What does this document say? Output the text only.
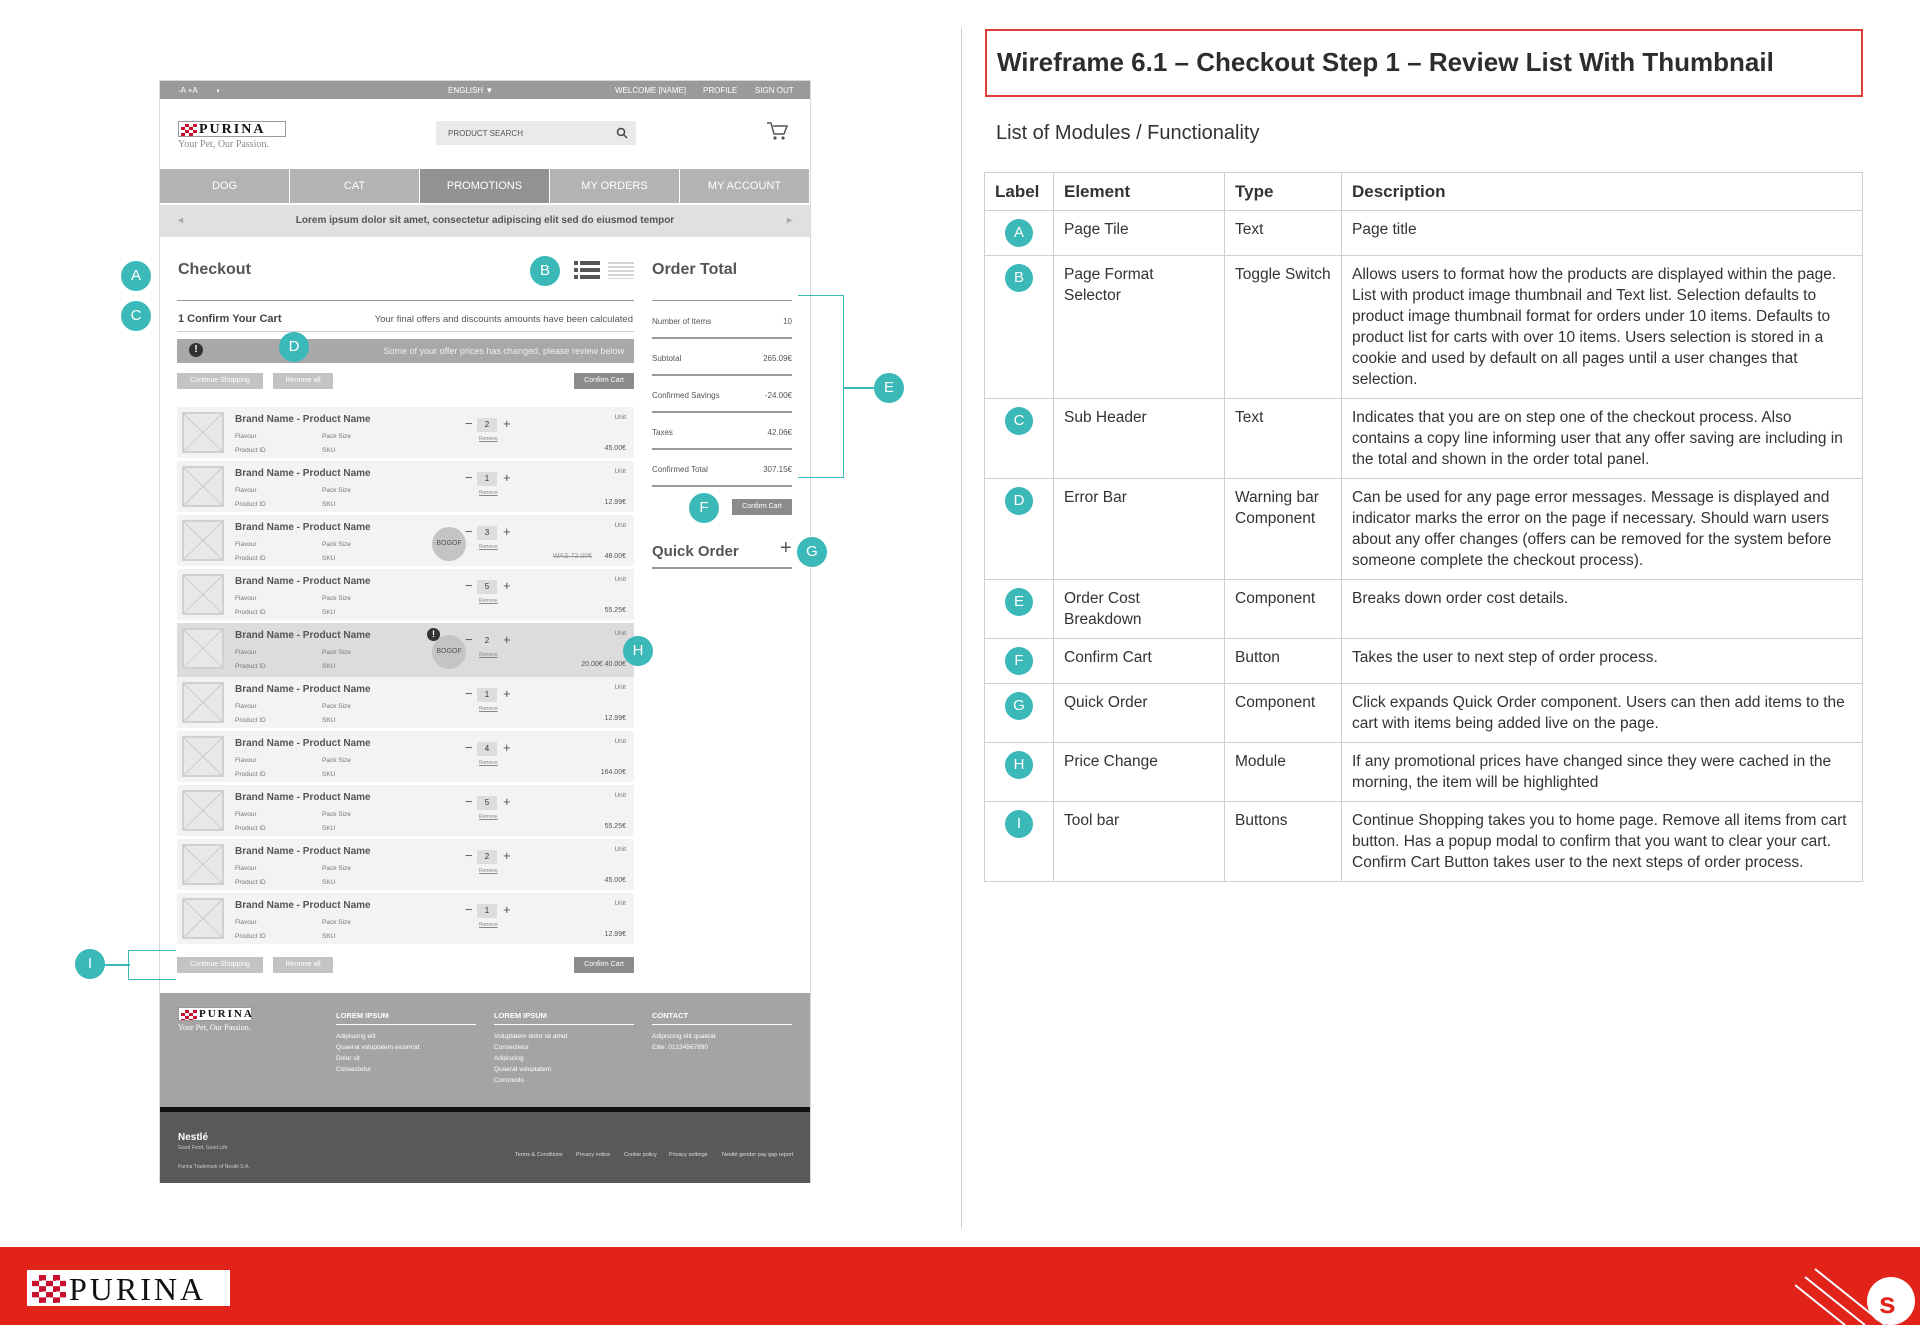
-A +A ◑	ENGLISH ▼	WELCOME [NAME] PROFILE SIGN OUT
PURINA
Your Pet, Our Passion.
PRODUCT SEARCH
DOG	CAT	PROMOTIONS	MY ORDERS	MY ACCOUNT
◂	Lorem ipsum dolor sit amet, consectetur adipiscing elit sed do eiusmod tempor	▸
Checkout
1 Confirm Your Cart	Your final offers and discounts amounts have been calculated
!	Some of your offer prices has changed, please review below
Continue Shopping	Remove all	Confirm Cart
Brand Name - Product Name
Flavour	Pack Size
Product ID	SKU
−	2	+
Remove
Unit
45.00€
Brand Name - Product Name
Flavour	Pack Size
Product ID	SKU
−	1	+
Remove
Unit
12.99€
Brand Name - Product Name
Flavour	Pack Size
Product ID	SKU
−	3	+
Remove
Unit
BOGOF
WAS 72.00€ 48.00€
Brand Name - Product Name
Flavour	Pack Size
Product ID	SKU
−	5	+
Remove
Unit
55.25€
Brand Name - Product Name
Flavour	Pack Size
Product ID	SKU
−	2	+
Remove
Unit
BOGOF
!
20.00€ 40.00€
Brand Name - Product Name
Flavour	Pack Size
Product ID	SKU
−	1	+
Remove
Unit
12.99€
Brand Name - Product Name
Flavour	Pack Size
Product ID	SKU
−	4	+
Remove
Unit
164.00€
Brand Name - Product Name
Flavour	Pack Size
Product ID	SKU
−	5	+
Remove
Unit
55.25€
Brand Name - Product Name
Flavour	Pack Size
Product ID	SKU
−	2	+
Remove
Unit
45.00€
Brand Name - Product Name
Flavour	Pack Size
Product ID	SKU
−	1	+
Remove
Unit
12.99€
Continue Shopping	Remove all	Confirm Cart
Order Total
Number of Items	10
Subtotal	265.09€
Confirmed Savings	-24.00€
Taxes	42.06€
Confirmed Total	307.15€
Confirm Cart
Quick Order +
PURINA
Your Pet, Our Passion.
LOREM IPSUM
Adipiscing elit
Quaerat voluptatem eiusmod
Dolor sit
Consectetur
LOREM IPSUM
Voluptatem dolor sit amet
Consectetur
Adipiscing
Quaerat voluptatem
Commodo
CONTACT
Adipiscing elit quaerat
Elite: 01234567890
Nestlé
Good Food, Good Life
Purina Trademark of Nestlé S.A.
Terms & Conditions Privacy notice	Cookie policy Privacy settings	Nestlé gender pay gap report
A	B
C
D
E
F
G
H
I
Wireframe 6.1 – Checkout Step 1 – Review List With Thumbnail
List of Modules / Functionality
Label	Element	Type	Description
A	Page Tile	Text	Page title
B	Page Format Selector	Toggle Switch	Allows users to format how the products are displayed within the page. List with product image thumbnail and Text list. Selection defaults to product image thumbnail format for orders under 10 items. Defaults to product list for carts with over 10 items. Users selection is stored in a cookie and used by default on all pages until a user changes that selection.
C	Sub Header	Text	Indicates that you are on step one of the checkout process. Also contains a copy line informing user that any offer saving are including in the total and shown in the order total panel.
D	Error Bar	Warning bar Component	Can be used for any page error messages. Message is displayed and indicator marks the error on the page if necessary. Should warn users about any offer changes (offers can be removed for the system before someone complete the checkout process).
E	Order Cost Breakdown	Component	Breaks down order cost details.
F	Confirm Cart	Button	Takes the user to next step of order process.
G	Quick Order	Component	Click expands Quick Order component. Users can then add items to the cart with items being added live on the page.
H	Price Change	Module	If any promotional prices have changed since they were cached in the morning, the item will be highlighted
I	Tool bar	Buttons	Continue Shopping takes you to home page. Remove all items from cart button. Has a popup modal to confirm that you want to clear your cart. Confirm Cart Button takes user to the next steps of order process.
s
PURINA
